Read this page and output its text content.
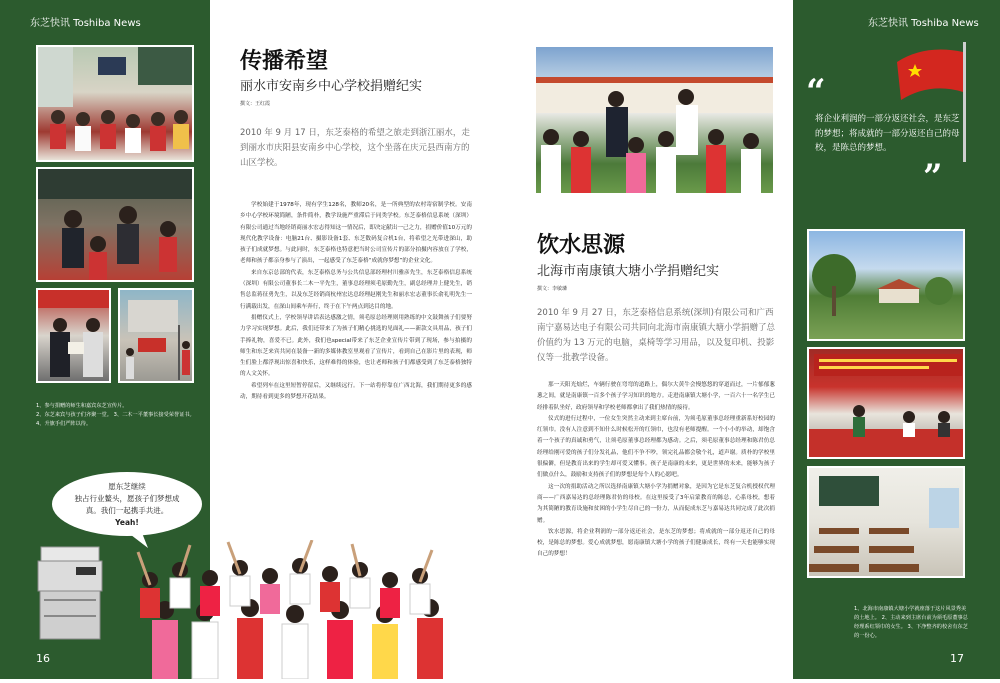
东芝快讯 Toshiba News	东芝快讯 Toshiba News
1、参与捐赠的师生和嘉宾东芝宣传片。
2、东芝来宾与孩子们齐聚一堂。 3、二木一平董事长接受荣誉证书。 4、升旗手们严阵以待。
愿东芝继续
独占行业鳌头，愿孩子们梦想成
真。我们一起携手共进。
Yeah!
16
传播希望
丽水市安南乡中心学校捐赠纪实
撰文：王红霞
2010 年 9 月 17 日，东芝泰格的希望之旅走到浙江丽水，走到丽水市庆阳县安南乡中心学校，这个坐落在庆元县西南方的山区学校。

学校始建于1978年，现有学生128名，教师20名，是一所典型的农村寄宿制学校。安南乡中心学校环境简陋，条件简朴，教学设施严重滞后于同类学校。东芝泰格信息系统（深圳）有限公司通过当地经销商丽水宏志得知这一情况后，即决定献出一己之力，捐赠价值10万元的现代化教学设备：电脑21台、摄影设备1套、东芝数码复合机1台，将希望之光带进深山，助孩子们成就梦想。与此同时，东芝泰格也特意把当时公司宣传片的部分拍摄内容放在了学校，老师和孩子都亲身参与了演出，一起感受了东芝泰格“成就你梦想”的企业文化。

来自东京总部的代表，东芝泰格总务与公共信息部经理村川雅彦先生，东芝泰格信息系统（深圳）有限公司董事长二木一平先生，董事总经理须毛原勤先生，副总经理井上健先生，销售总监蒋征勇先生，以及东芝经销商杭州宏达总经理赵刚先生和丽水宏志董事长俞礼明先生一行满载出发，在深山间乘车奔行，终于在下午两点到达目的地。

捐赠仪式上，学校领导讲话表达感激之情，须毛原总经理则用熟练的中文鼓舞孩子们要努力学习实现梦想。此后，我们还带来了为孩子们精心挑选的见面礼——新款文具用品，孩子们手捧礼物，喜爱不已。此外，我们也special带来了东芝企业宣传片带到了现场，参与拍摄的师生和东芝来宾共同在装备一新的多媒体教室里观看了宣传片，看到自己在影片里的表现，师生们脸上都浮现出惊喜和快乐，这样难得的体验，也让老师和孩子们都感受到了东芝泰格独特的人文关怀。

希望列车在这里短暂停留后，又继续远行。下一站将停靠在广西北海，我们期待更多的感动，期待看到更多的梦想开花结果。

饮水思源
北海市南康镇大塘小学捐赠纪实
撰文：李敏璘
2010 年 9 月 27 日，东芝泰格信息系统(深圳)有限公司和广西南宁嘉易达电子有限公司共同向北海市南康镇大塘小学捐赠了总价值约为 13 万元的电脑，桌椅等学习用品，以及复印机、投影仪等一批教学设备。

那一天阳光灿烂，车辆行驶在弯弯的道路上，偶尔大黄牛会慢悠悠的穿道而过，一片郁郁葱葱之间，就是南康镇一百多个孩子学习知识的地方。走进南康镇大塘小学，一百六十一名学生已经排着队坐好，政府领导和学校老师都拿出了我们热情的接待。

仪式的进行过程中，一位女生突然主动来到主席台前，为须毛原董事总经理重新系好校园的红领巾。没有人注意到不知什么时候松开的红领巾，也没有老师提醒。一个小小的举动，却饱含着一个孩子的真诚和勇气，让须毛原董事总经理都为感动。之后，须毛原董事总经理和陈君仿总经理给刚可爱的孩子们分发礼品，他们不争不吵，领完礼品都会敬个礼，道声谢。质朴的学校里很偏僻，但是教育出来的学生却可爱又懂事。孩子是南康的未来，更是世界的未来，能够为孩子们做点什么，鼓励和支持孩子们的梦想是每个人的心愿吧。

这一次的捐助活动之所以选择南康镇大塘小学为捐赠对象，是因为它是东芝复合机授权代理商——广西嘉易达的总经理陈君仿的母校。在这里接受了3年启蒙教育的陈总，心系母校，想着为其简陋的教育设施和贫困的小学生尽自己的一份力，从而促成东芝与嘉易达共同完成了此次捐赠。

饮水思源，将企业利润的一部分返还社会，是东芝的梦想；将成就的一部分返还自己的母校，是陈总的梦想。爱心成就梦想，愿南康镇大塘小学的孩子们健康成长，终有一天也能够实现自己的梦想！

“
将企业利润的一部分返还社会，是东芝的梦想；将成就的一部分返还自己的母校，是陈总的梦想。
”
1、北海市南康镇大塘小学就座落于这片风景秀美的土地上。 2、主动来到主席台前为须毛原董事总经理系红领巾的女生。 3、下净整齐的校舍有东芝的一份心。
17
